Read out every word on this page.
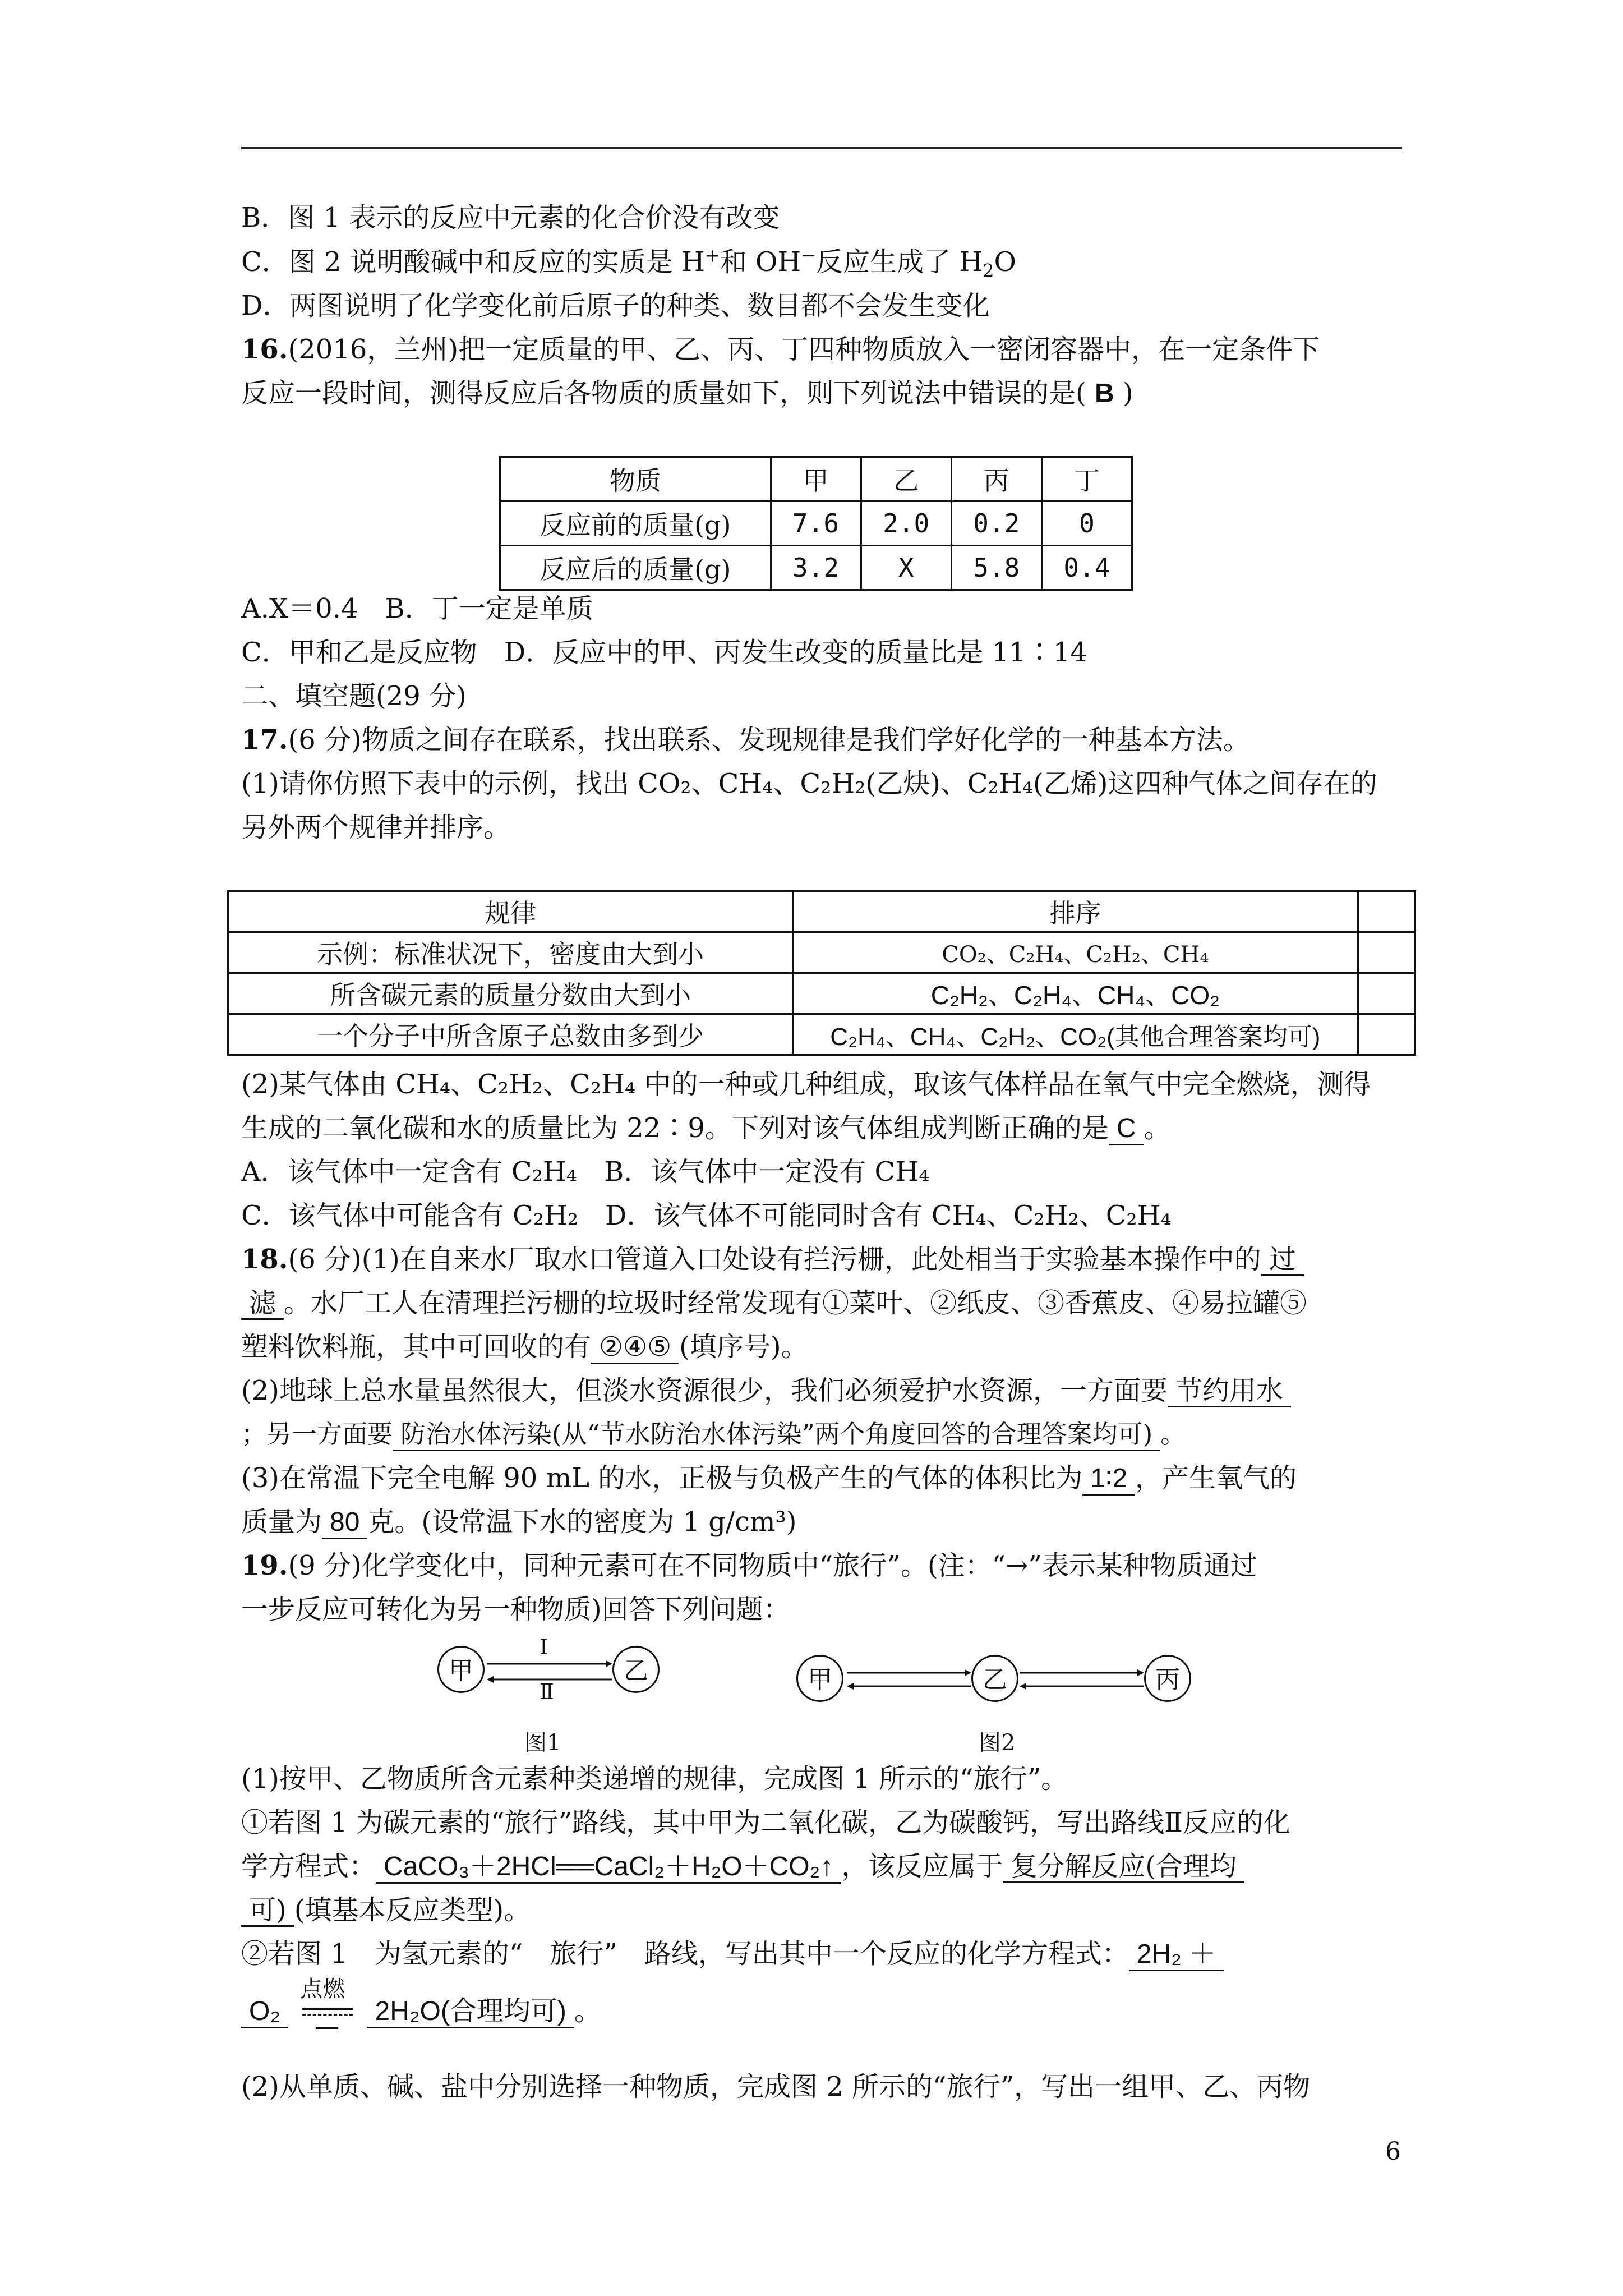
B．图 1 表示的反应中元素的化合价没有改变
C．图 2 说明酸碱中和反应的实质是 H+和 OH−反应生成了 $H_2O$
D．两图说明了化学变化前后原子的种类、数目都不会发生变化
16.(2016，兰州)把一定质量的甲、乙、丙、丁四种物质放入一密闭容器中，在一定条件下
反应一段时间，测得反应后各物质的质量如下，则下列说法中错误的是( B )
物质	甲	乙	丙	丁
反应前的质量(g)	7.6	2.0	0.2	0
反应后的质量(g)	3.2	X	5.8	0.4
A.X＝0.4　B．丁一定是单质
C．甲和乙是反应物　D．反应中的甲、丙发生改变的质量比是 11∶14
二、填空题(29 分)
17.(6 分)物质之间存在联系，找出联系、发现规律是我们学好化学的一种基本方法。
(1)请你仿照下表中的示例，找出 CO₂、CH₄、C₂H₂(乙炔)、C₂H₄(乙烯)这四种气体之间存在的
另外两个规律并排序。
规律	排序	
示例：标准状况下，密度由大到小	CO₂、C₂H₄、C₂H₂、CH₄	
所含碳元素的质量分数由大到小	C₂H₂、C₂H₄、CH₄、CO₂	
一个分子中所含原子总数由多到少	C₂H₄、CH₄、C₂H₂、CO₂(其他合理答案均可)	
(2)某气体由 CH₄、C₂H₂、C₂H₄ 中的一种或几种组成，取该气体样品在氧气中完全燃烧，测得
生成的二氧化碳和水的质量比为 22∶9。下列对该气体组成判断正确的是 C 。
A．该气体中一定含有 C₂H₄　B．该气体中一定没有 CH₄
C．该气体中可能含有 C₂H₂　D．该气体不可能同时含有 CH₄、C₂H₂、C₂H₄
18.(6 分)(1)在自来水厂取水口管道入口处设有拦污栅，此处相当于实验基本操作中的 过
滤 。水厂工人在清理拦污栅的垃圾时经常发现有①菜叶、②纸皮、③香蕉皮、④易拉罐⑤
塑料饮料瓶，其中可回收的有 ②④⑤ (填序号)。
(2)地球上总水量虽然很大，但淡水资源很少，我们必须爱护水资源，一方面要 节约用水
；另一方面要 防治水体污染(从“节水防治水体污染”两个角度回答的合理答案均可) 。
(3)在常温下完全电解 90 mL 的水，正极与负极产生的气体的体积比为 1∶2 ，产生氧气的
质量为 80 克。(设常温下水的密度为 1 g/cm³)
19.(9 分)化学变化中，同种元素可在不同物质中“旅行”。(注：“→”表示某种物质通过
一步反应可转化为另一种物质)回答下列问题：
甲	乙
Ⅰ
Ⅱ
图1
甲	乙	丙
图2
(1)按甲、乙物质所含元素种类递增的规律，完成图 1 所示的“旅行”。
①若图 1 为碳元素的“旅行”路线，其中甲为二氧化碳，乙为碳酸钙，写出路线Ⅱ反应的化
学方程式： CaCO₃＋2HCl══CaCl₂＋H₂O＋CO₂↑ ，该反应属于 复分解反应(合理均
可) (填基本反应类型)。
②若图 1　为氢元素的“　旅行”　路线，写出其中一个反应的化学方程式： 2H₂ ＋
O₂
点燃
2H₂O(合理均可) 。
(2)从单质、碱、盐中分别选择一种物质，完成图 2 所示的“旅行”，写出一组甲、乙、丙物
6
